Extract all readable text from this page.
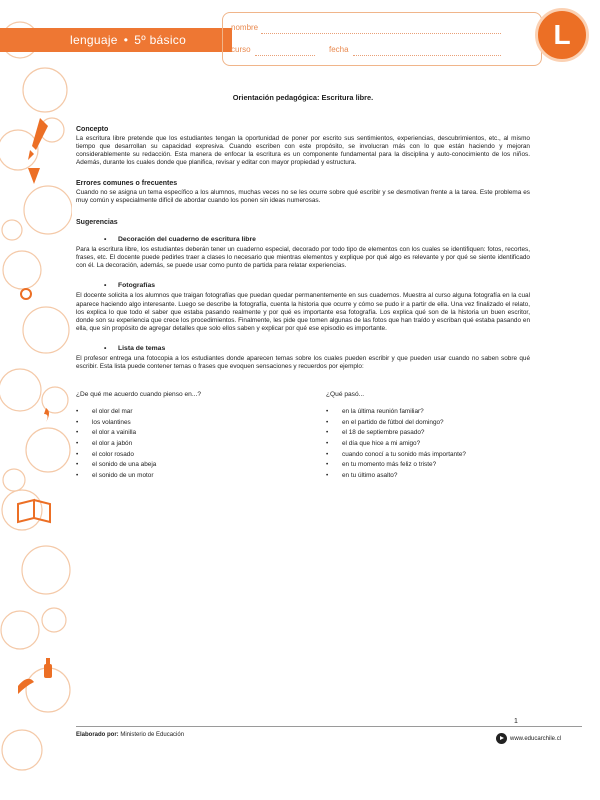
lenguaje • 5º básico
nombre
curso	fecha	L
Orientación pedagógica: Escritura libre.
Concepto

La escritura libre pretende que los estudiantes tengan la oportunidad de poner por escrito sus sentimientos, experiencias, descubrimientos, etc., al mismo tiempo que desarrollan su capacidad expresiva. Cuando escriben con este propósito, se involucran más con lo que están haciendo y mejoran considerablemente su redacción. Esta manera de enfocar la escritura es un componente fundamental para la disciplina y auto-conocimiento de los niños. Además, durante los cuales donde que planifica, revisar y editar con mayor propiedad y estructura.

Errores comunes o frecuentes

Cuando no se asigna un tema específico a los alumnos, muchas veces no se les ocurre sobre qué escribir y se desmotivan frente a la tarea. Este problema es muy común y especialmente difícil de abordar cuando los ponen sin ideas numerosas.

Sugerencias
• Decoración del cuaderno de escritura libre

Para la escritura libre, los estudiantes deberán tener un cuaderno especial, decorado por todo tipo de elementos con los cuales se identifiquen: fotos, recortes, frases, etc. El docente puede pedirles traer a clases lo necesario que mientras elementos y explique por qué algo es relevante y por qué se siente identificado con él. La decoración, además, se puede usar como punto de partida para relatar experiencias.

• Fotografías

El docente solicita a los alumnos que traigan fotografías que puedan quedar permanentemente en sus cuadernos. Muestra al curso alguna fotografía en la cual aparece haciendo algo interesante. Luego se describe la fotografía, cuenta la historia que ocurre y cómo se pudo ir a partir de ella. Una vez finalizado el relato, los explica lo que todo el saber que estaba pasando realmente y por qué es importante esa fotografía. Los explica qué son de la historia un buen escritor, donde son su experiencia que crece los procedimientos. Finalmente, les pide que tomen algunas de las fotos que han traído y escriban qué estaba pasando en ella, que sin propósito de agregar detalles que solo ellos saben y explicar por qué ese episodio es importante.

• Lista de temas

El profesor entrega una fotocopia a los estudiantes donde aparecen temas sobre los cuales pueden escribir y que pueden usar cuando no saben sobre qué escribir. Esta lista puede contener temas o frases que evoquen sensaciones y recuerdos por ejemplo:

¿De qué me acuerdo cuando pienso en...?
• el olor del mar
• los volantines
• el olor a vainilla
• el olor a jabón
• el color rosado
• el sonido de una abeja
• el sonido de un motor
¿Qué pasó...
• en la última reunión familiar?
• en el partido de fútbol del domingo?
• el 18 de septiembre pasado?
• el día que hice a mi amigo?
• cuando conocí a tu sonido más importante?
• en tu momento más feliz o triste?
• en tu último asalto?
1
Elaborado por: Ministerio de Educación
www.educarchile.cl
